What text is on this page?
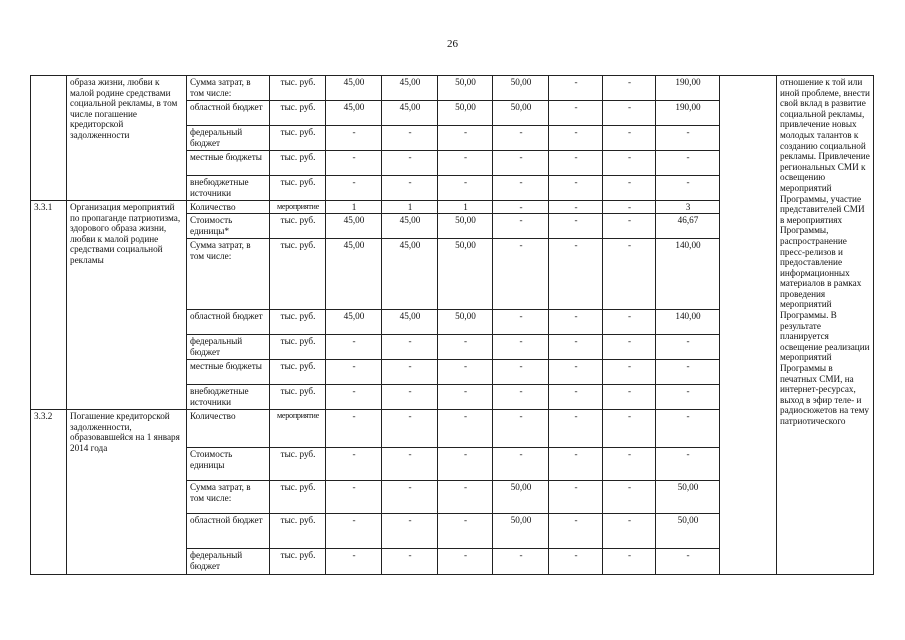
26
	образа жизни, любви к малой родине средствами социальной рекламы, в том числе погашение кредиторской задолженности	Сумма затрат, в том числе:	тыс. руб.	45,00	45,00	50,00	50,00	-	-	190,00		отношение к той или иной проблеме, внести свой вклад в развитие социальной рекламы, привлечение новых молодых талантов к созданию социальной рекламы. Привлечение региональных СМИ к освещению мероприятий Программы, участие представителей СМИ в мероприятиях Программы, распространение пресс-релизов и предоставление информационных материалов в рамках проведения мероприятий Программы. В результате планируется освещение реализации мероприятий Программы в печатных СМИ, на интернет-ресурсах, выход в эфир теле- и радиосюжетов на тему патриотического
		областной бюджет	тыс. руб.	45,00	45,00	50,00	50,00	-	-	190,00		
		федеральный бюджет	тыс. руб.	-	-	-	-	-	-	-		
		местные бюджеты	тыс. руб.	-	-	-	-	-	-	-		
		внебюджетные источники	тыс. руб.	-	-	-	-	-	-	-		
3.3.1	Организация мероприятий по пропаганде патриотизма, здорового образа жизни, любви к малой родине средствами социальной рекламы	Количество	мероприятие	1	1	1	-	-	-	3		
		Стоимость единицы*	тыс. руб.	45,00	45,00	50,00	-	-	-	46,67		
		Сумма затрат, в том числе:	тыс. руб.	45,00	45,00	50,00	-	-	-	140,00		
		областной бюджет	тыс. руб.	45,00	45,00	50,00	-	-	-	140,00		
		федеральный бюджет	тыс. руб.	-	-	-	-	-	-	-		
		местные бюджеты	тыс. руб.	-	-	-	-	-	-	-		
		внебюджетные источники	тыс. руб.	-	-	-	-	-	-	-		
3.3.2	Погашение кредиторской задолженности, образовавшейся на 1 января 2014 года	Количество	мероприятие	-	-	-	-	-	-	-		
		Стоимость единицы	тыс. руб.	-	-	-	-	-	-	-		
		Сумма затрат, в том числе:	тыс. руб.	-	-	-	50,00	-	-	50,00		
		областной бюджет	тыс. руб.	-	-	-	50,00	-	-	50,00		
		федеральный бюджет	тыс. руб.	-	-	-	-	-	-	-		
